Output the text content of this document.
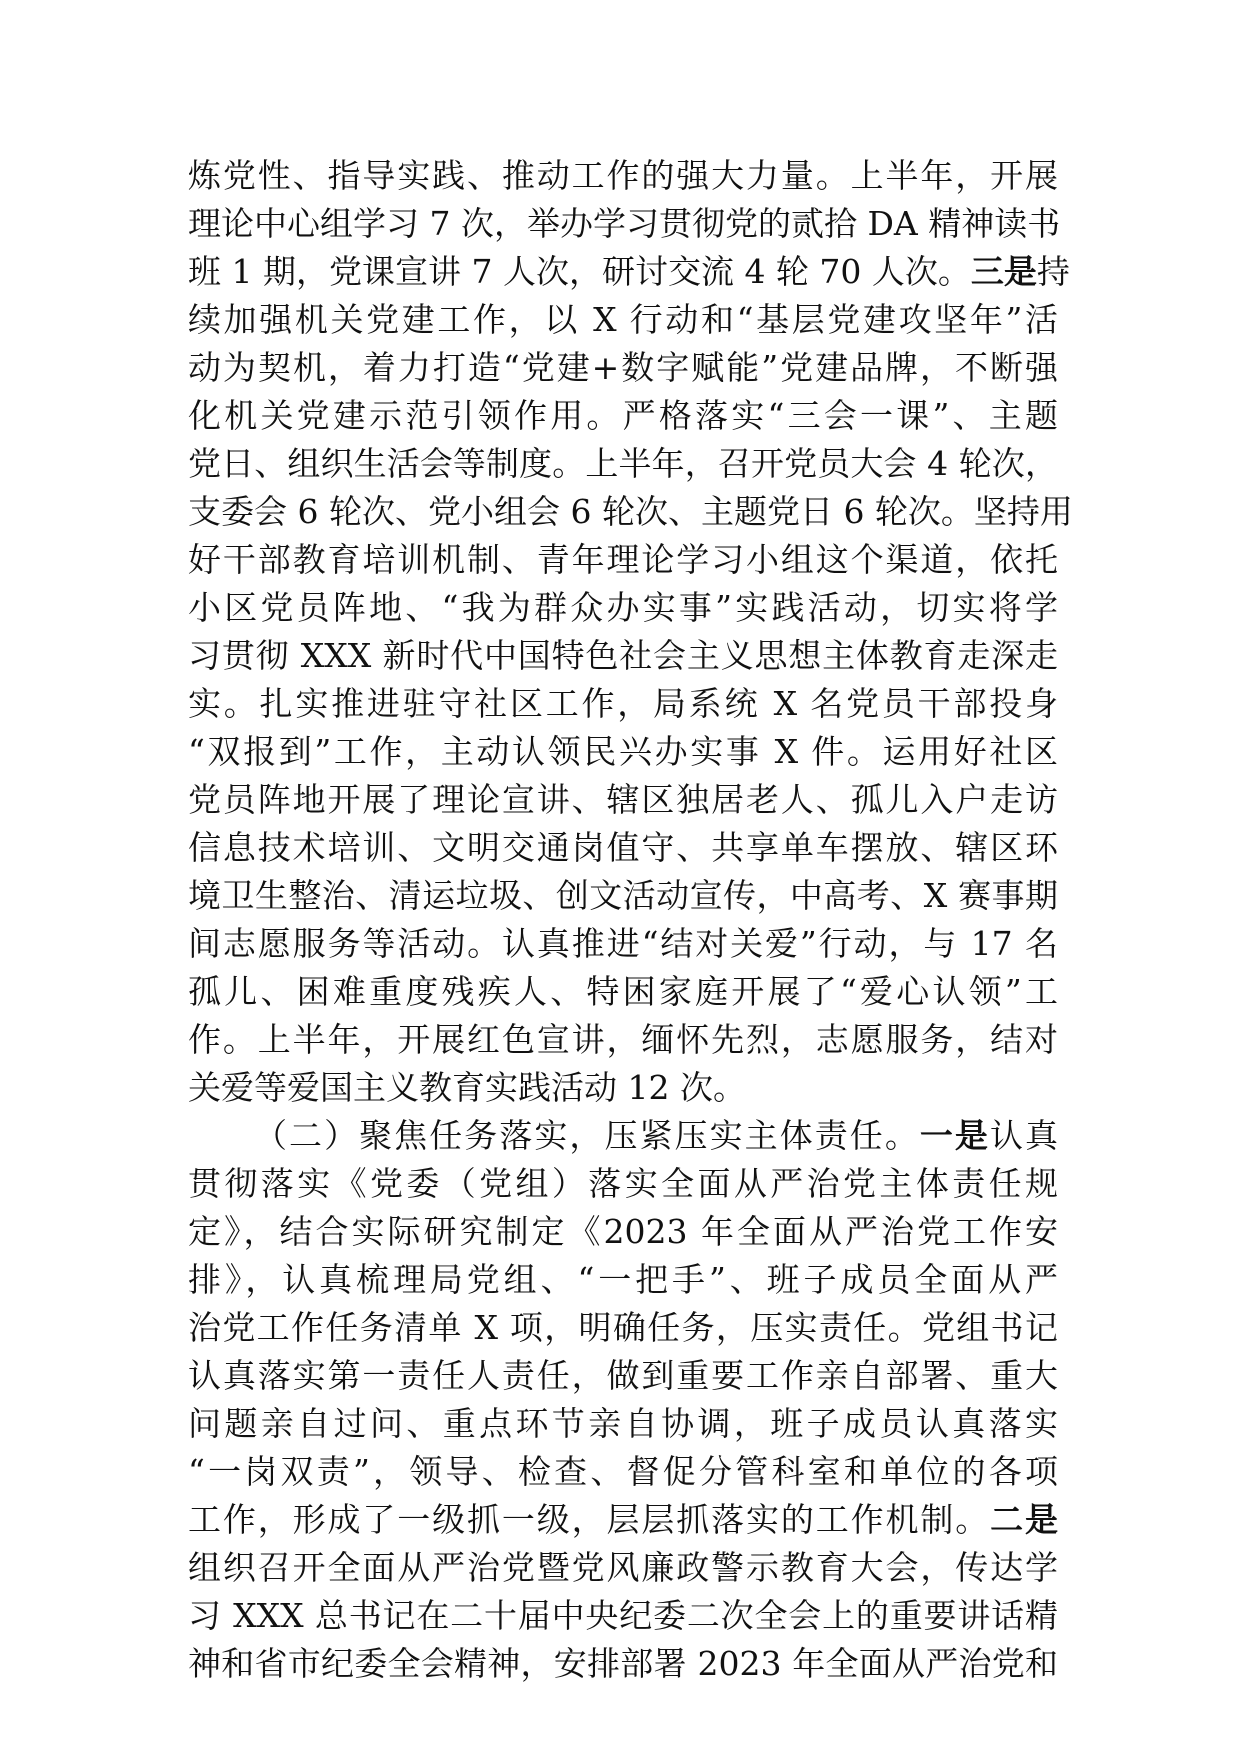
炼党性、指导实践、推动工作的强大力量。上半年，开展
理论中心组学习 7 次，举办学习贯彻党的贰拾 DA 精神读书
班 1 期，党课宣讲 7 人次，研讨交流 4 轮 70 人次。三是持
续加强机关党建工作，以 X 行动和“基层党建攻坚年”活
动为契机，着力打造“党建+数字赋能”党建品牌，不断强
化机关党建示范引领作用。严格落实“三会一课”、主题
党日、组织生活会等制度。上半年，召开党员大会 4 轮次，
支委会 6 轮次、党小组会 6 轮次、主题党日 6 轮次。坚持用
好干部教育培训机制、青年理论学习小组这个渠道，依托
小区党员阵地、“我为群众办实事”实践活动，切实将学
习贯彻 XXX 新时代中国特色社会主义思想主体教育走深走
实。扎实推进驻守社区工作，局系统 X 名党员干部投身
“双报到”工作，主动认领民兴办实事 X 件。运用好社区
党员阵地开展了理论宣讲、辖区独居老人、孤儿入户走访
信息技术培训、文明交通岗值守、共享单车摆放、辖区环
境卫生整治、清运垃圾、创文活动宣传，中高考、X 赛事期
间志愿服务等活动。认真推进“结对关爱”行动，与 17 名
孤儿、困难重度残疾人、特困家庭开展了“爱心认领”工
作。上半年，开展红色宣讲，缅怀先烈，志愿服务，结对
关爱等爱国主义教育实践活动 12 次。
（二）聚焦任务落实，压紧压实主体责任。一是认真
贯彻落实《党委（党组）落实全面从严治党主体责任规
定》，结合实际研究制定《2023 年全面从严治党工作安
排》，认真梳理局党组、“一把手”、班子成员全面从严
治党工作任务清单 X 项，明确任务，压实责任。党组书记
认真落实第一责任人责任，做到重要工作亲自部署、重大
问题亲自过问、重点环节亲自协调，班子成员认真落实
“一岗双责”，领导、检查、督促分管科室和单位的各项
工作，形成了一级抓一级，层层抓落实的工作机制。二是
组织召开全面从严治党暨党风廉政警示教育大会，传达学
习 XXX 总书记在二十届中央纪委二次全会上的重要讲话精
神和省市纪委全会精神，安排部署 2023 年全面从严治党和
